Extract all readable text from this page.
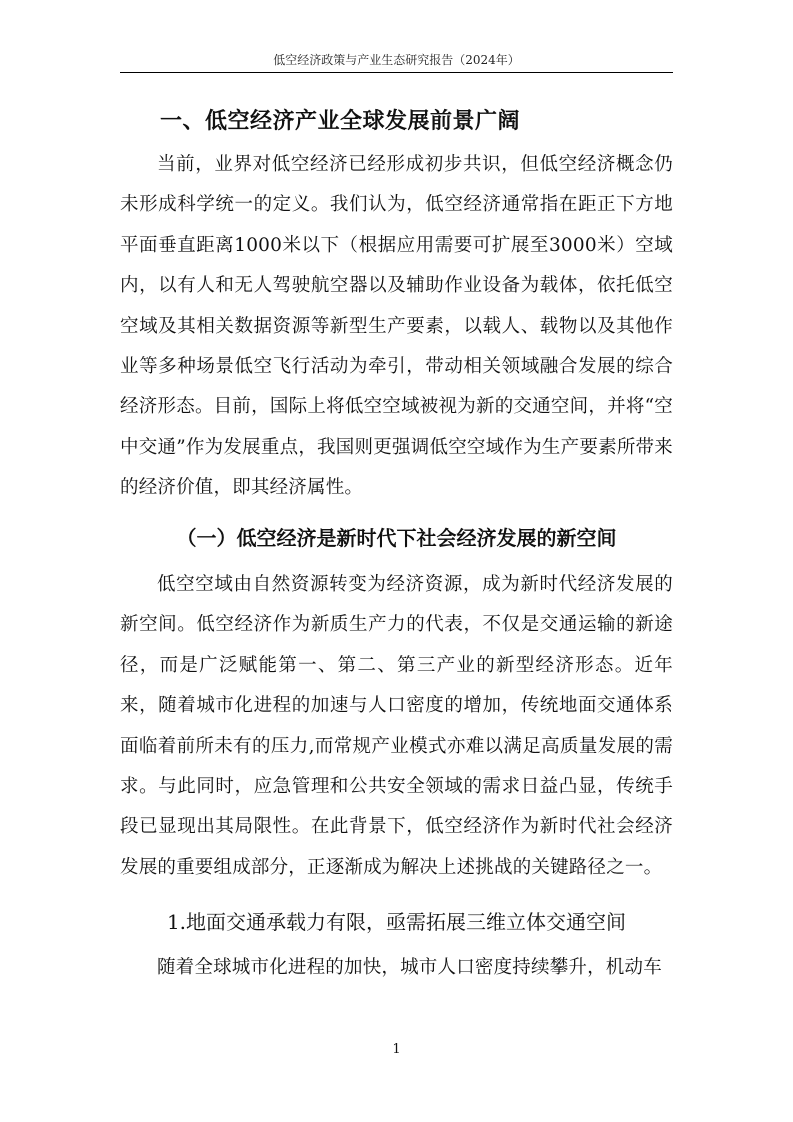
低空经济政策与产业生态研究报告（2024年）
一、低空经济产业全球发展前景广阔
当前，业界对低空经济已经形成初步共识，但低空经济概念仍未形成科学统一的定义。我们认为，低空经济通常指在距正下方地平面垂直距离1000米以下（根据应用需要可扩展至3000米）空域内，以有人和无人驾驶航空器以及辅助作业设备为载体，依托低空空域及其相关数据资源等新型生产要素，以载人、载物以及其他作业等多种场景低空飞行活动为牵引，带动相关领域融合发展的综合经济形态。目前，国际上将低空空域被视为新的交通空间，并将“空中交通”作为发展重点，我国则更强调低空空域作为生产要素所带来的经济价值，即其经济属性。
（一）低空经济是新时代下社会经济发展的新空间
低空空域由自然资源转变为经济资源，成为新时代经济发展的新空间。低空经济作为新质生产力的代表，不仅是交通运输的新途径，而是广泛赋能第一、第二、第三产业的新型经济形态。近年来，随着城市化进程的加速与人口密度的增加，传统地面交通体系面临着前所未有的压力,而常规产业模式亦难以满足高质量发展的需求。与此同时，应急管理和公共安全领域的需求日益凸显，传统手段已显现出其局限性。在此背景下，低空经济作为新时代社会经济发展的重要组成部分，正逐渐成为解决上述挑战的关键路径之一。
1.地面交通承载力有限，亟需拓展三维立体交通空间
随着全球城市化进程的加快，城市人口密度持续攀升，机动车
1
